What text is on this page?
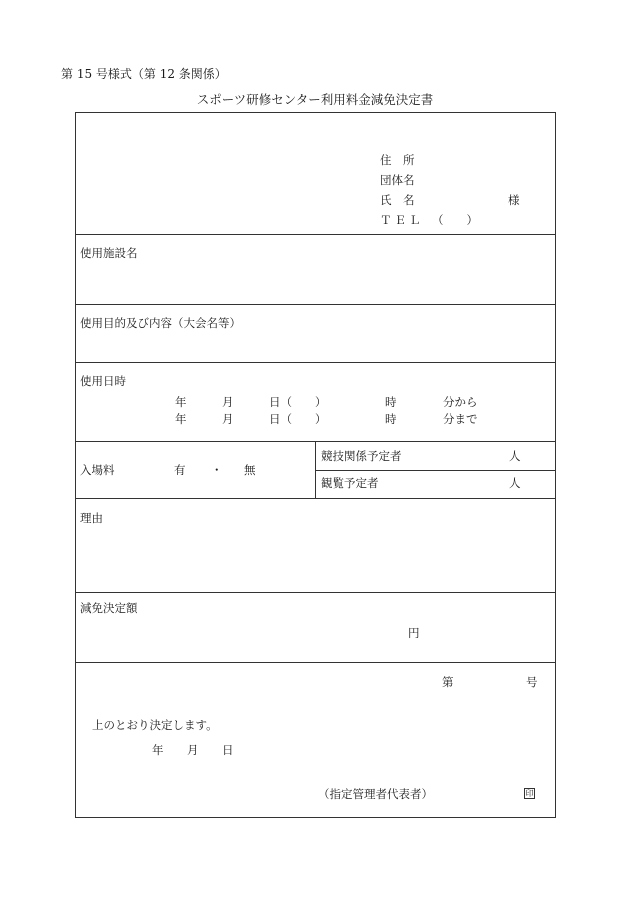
第 15 号様式（第 12 条関係）
スポーツ研修センター利用料金減免決定書
住　所
団体名
氏　名	様
ＴＥＬ （　　）
使用施設名
使用目的及び内容（大会名等）
使用日時
年	月	日（　　）	時	分から
年	月	日（　　）	時	分まで
入場料	有 ・ 無
競技関係予定者	人
観覧予定者	人
理由
減免決定額
円
第	号
上のとおり決定します。
年 月 日
（指定管理者代表者）	印
